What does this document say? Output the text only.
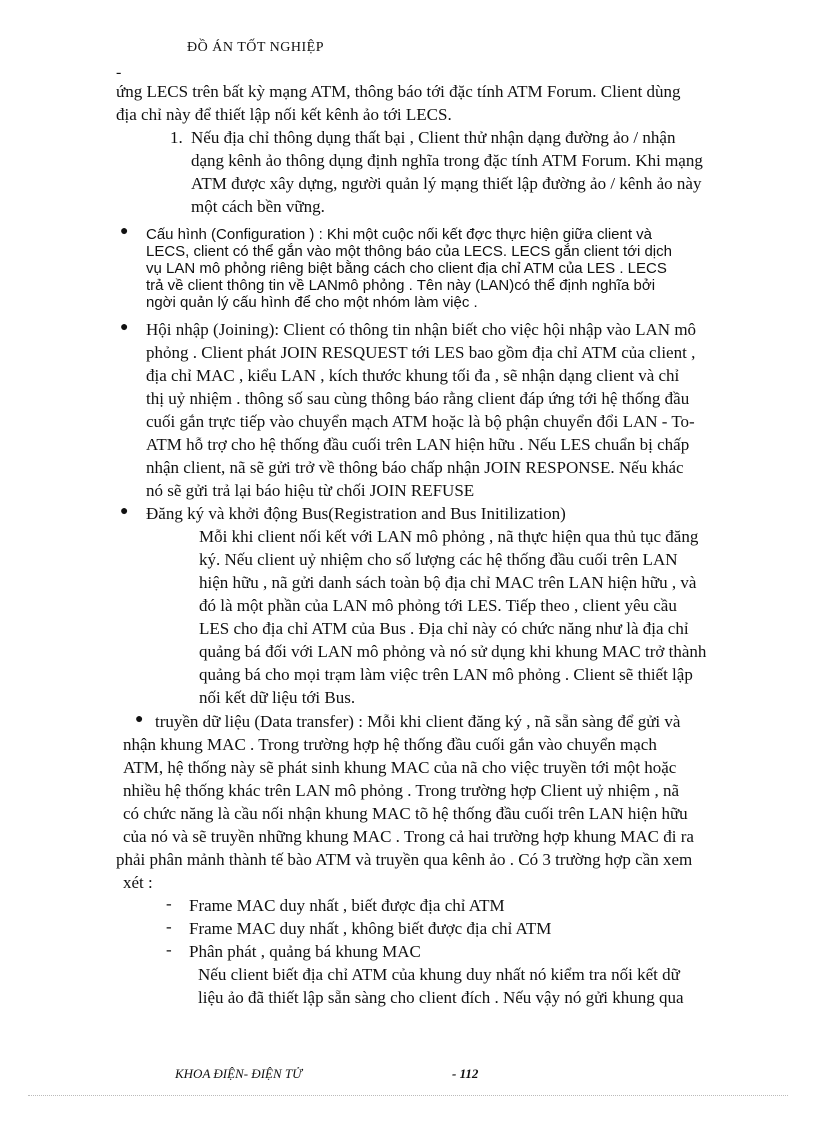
ĐỒ ÁN TỐT NGHIỆP
-
ứng LECS trên bất kỳ mạng ATM, thông báo tới đặc tính ATM Forum. Client dùng
địa chỉ này để thiết lập nối kết kênh ảo tới LECS.
1. Nếu địa chỉ thông dụng thất bại , Client thử nhận dạng đường ảo / nhận
dạng kênh ảo thông dụng định nghĩa trong đặc tính ATM Forum. Khi mạng
ATM được xây dựng, người quản lý mạng thiết lập đường ảo / kênh ảo này
một cách bền vững.
● Cấu hình (Configuration ) : Khi một cuộc nối kết đợc thực hiện giữa client và
LECS, client có thể gắn vào một thông báo của LECS. LECS gắn client tới dịch
vụ LAN mô phỏng riêng biệt bằng cách cho client địa chỉ ATM của LES . LECS
trả về client thông tin về LANmô phỏng . Tên này (LAN)có thể định nghĩa bởi
ngời quản lý cấu hình để cho một nhóm làm việc .
● Hội nhập (Joining): Client có thông tin nhận biết cho việc hội nhập vào LAN mô
phỏng . Client phát JOIN RESQUEST tới LES bao gồm địa chỉ ATM của client ,
địa chỉ MAC , kiểu LAN , kích thước khung tối đa , sẽ nhận dạng client và chỉ
thị uỷ nhiệm . thông số sau cùng thông báo rằng client đáp ứng tới hệ thống đầu
cuối gắn trực tiếp vào chuyển mạch ATM hoặc là bộ phận chuyển đổi LAN - To-
ATM hỗ trợ cho hệ thống đầu cuối trên LAN hiện hữu . Nếu LES chuẩn bị chấp
nhận client, nã sẽ gửi trở về thông báo chấp nhận JOIN RESPONSE. Nếu khác
nó sẽ gửi trả lại báo hiệu từ chối JOIN REFUSE
● Đăng ký và khởi động Bus(Registration and Bus Initilization)
Mỗi khi client nối kết với LAN mô phỏng , nã thực hiện qua thủ tục đăng
ký. Nếu client uỷ nhiệm cho số lượng các hệ thống đầu cuối trên LAN
hiện hữu , nã gửi danh sách toàn bộ địa chỉ MAC trên LAN hiện hữu , và
đó là một phần của LAN mô phỏng tới LES. Tiếp theo , client yêu cầu
LES cho địa chỉ ATM của Bus . Địa chỉ này có chức năng như là địa chỉ
quảng bá đối với LAN mô phỏng và nó sử dụng khi khung MAC trở thành
quảng bá cho mọi trạm làm việc trên LAN mô phỏng . Client sẽ thiết lập
nối kết dữ liệu tới Bus.
● truyền dữ liệu (Data transfer) : Mỗi khi client đăng ký , nã sẵn sàng để gửi và
nhận khung MAC . Trong trường hợp hệ thống đầu cuối gắn vào chuyển mạch
ATM, hệ thống này sẽ phát sinh khung MAC của nã cho việc truyền tới một hoặc
nhiều hệ thống khác trên LAN mô phỏng . Trong trường hợp Client uỷ nhiệm , nã
có chức năng là cầu nối nhận khung MAC tõ hệ thống đầu cuối trên LAN hiện hữu
của nó và sẽ truyền những khung MAC . Trong cả hai trường hợp khung MAC đi ra
phải phân mảnh thành tế bào ATM và truyền qua kênh ảo . Có 3 trường hợp cần xem
xét :
- Frame MAC duy nhất , biết được địa chỉ ATM
- Frame MAC duy nhất , không biết được địa chỉ ATM
- Phân phát , quảng bá khung MAC
Nếu client biết địa chỉ ATM của khung duy nhất nó kiểm tra nối kết dữ
liệu ảo đã thiết lập sẵn sàng cho client đích . Nếu vậy nó gửi khung qua
KHOA ĐIỆN- ĐIỆN TỬ	- 112
